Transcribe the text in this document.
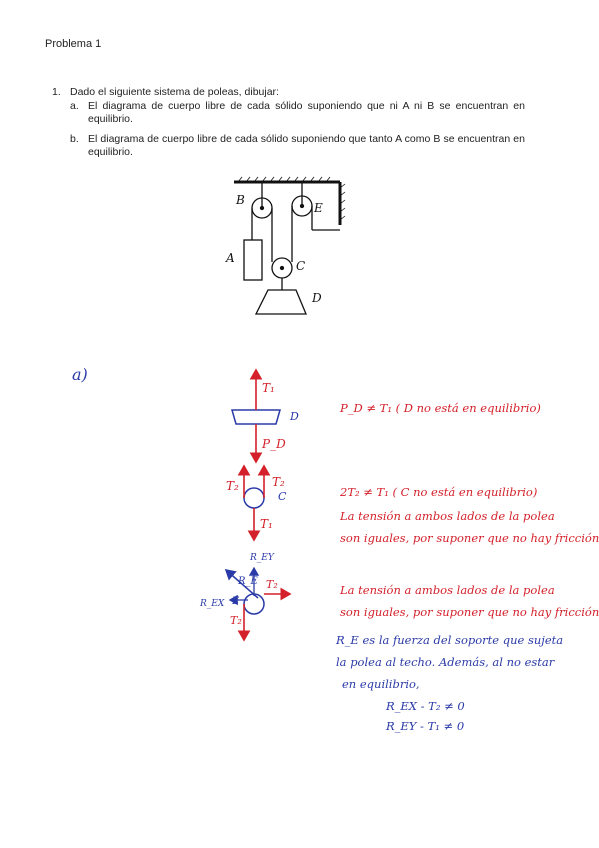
Problema 1
1. Dado el siguiente sistema de poleas, dibujar:
a. El diagrama de cuerpo libre de cada sólido suponiendo que ni A ni B se encuentran en equilibrio.
b. El diagrama de cuerpo libre de cada sólido suponiendo que tanto A como B se encuentran en equilibrio.
B
E
A
C
D
a)
T₁
P_D
D
T₂	T₂
T₁
C
R_EY
R_E
R_EX E
T₂
T₂
P_D ≠ T₁ ( D no está en equilibrio)
2T₂ ≠ T₁ ( C no está en equilibrio)
La tensión a ambos lados de la polea
son iguales, por suponer que no hay fricción
La tensión a ambos lados de la polea
son iguales, por suponer que no hay fricción
R_E es la fuerza del soporte que sujeta
la polea al techo. Además, al no estar
en equilibrio,
R_EX - T₂ ≠ 0
R_EY - T₁ ≠ 0
